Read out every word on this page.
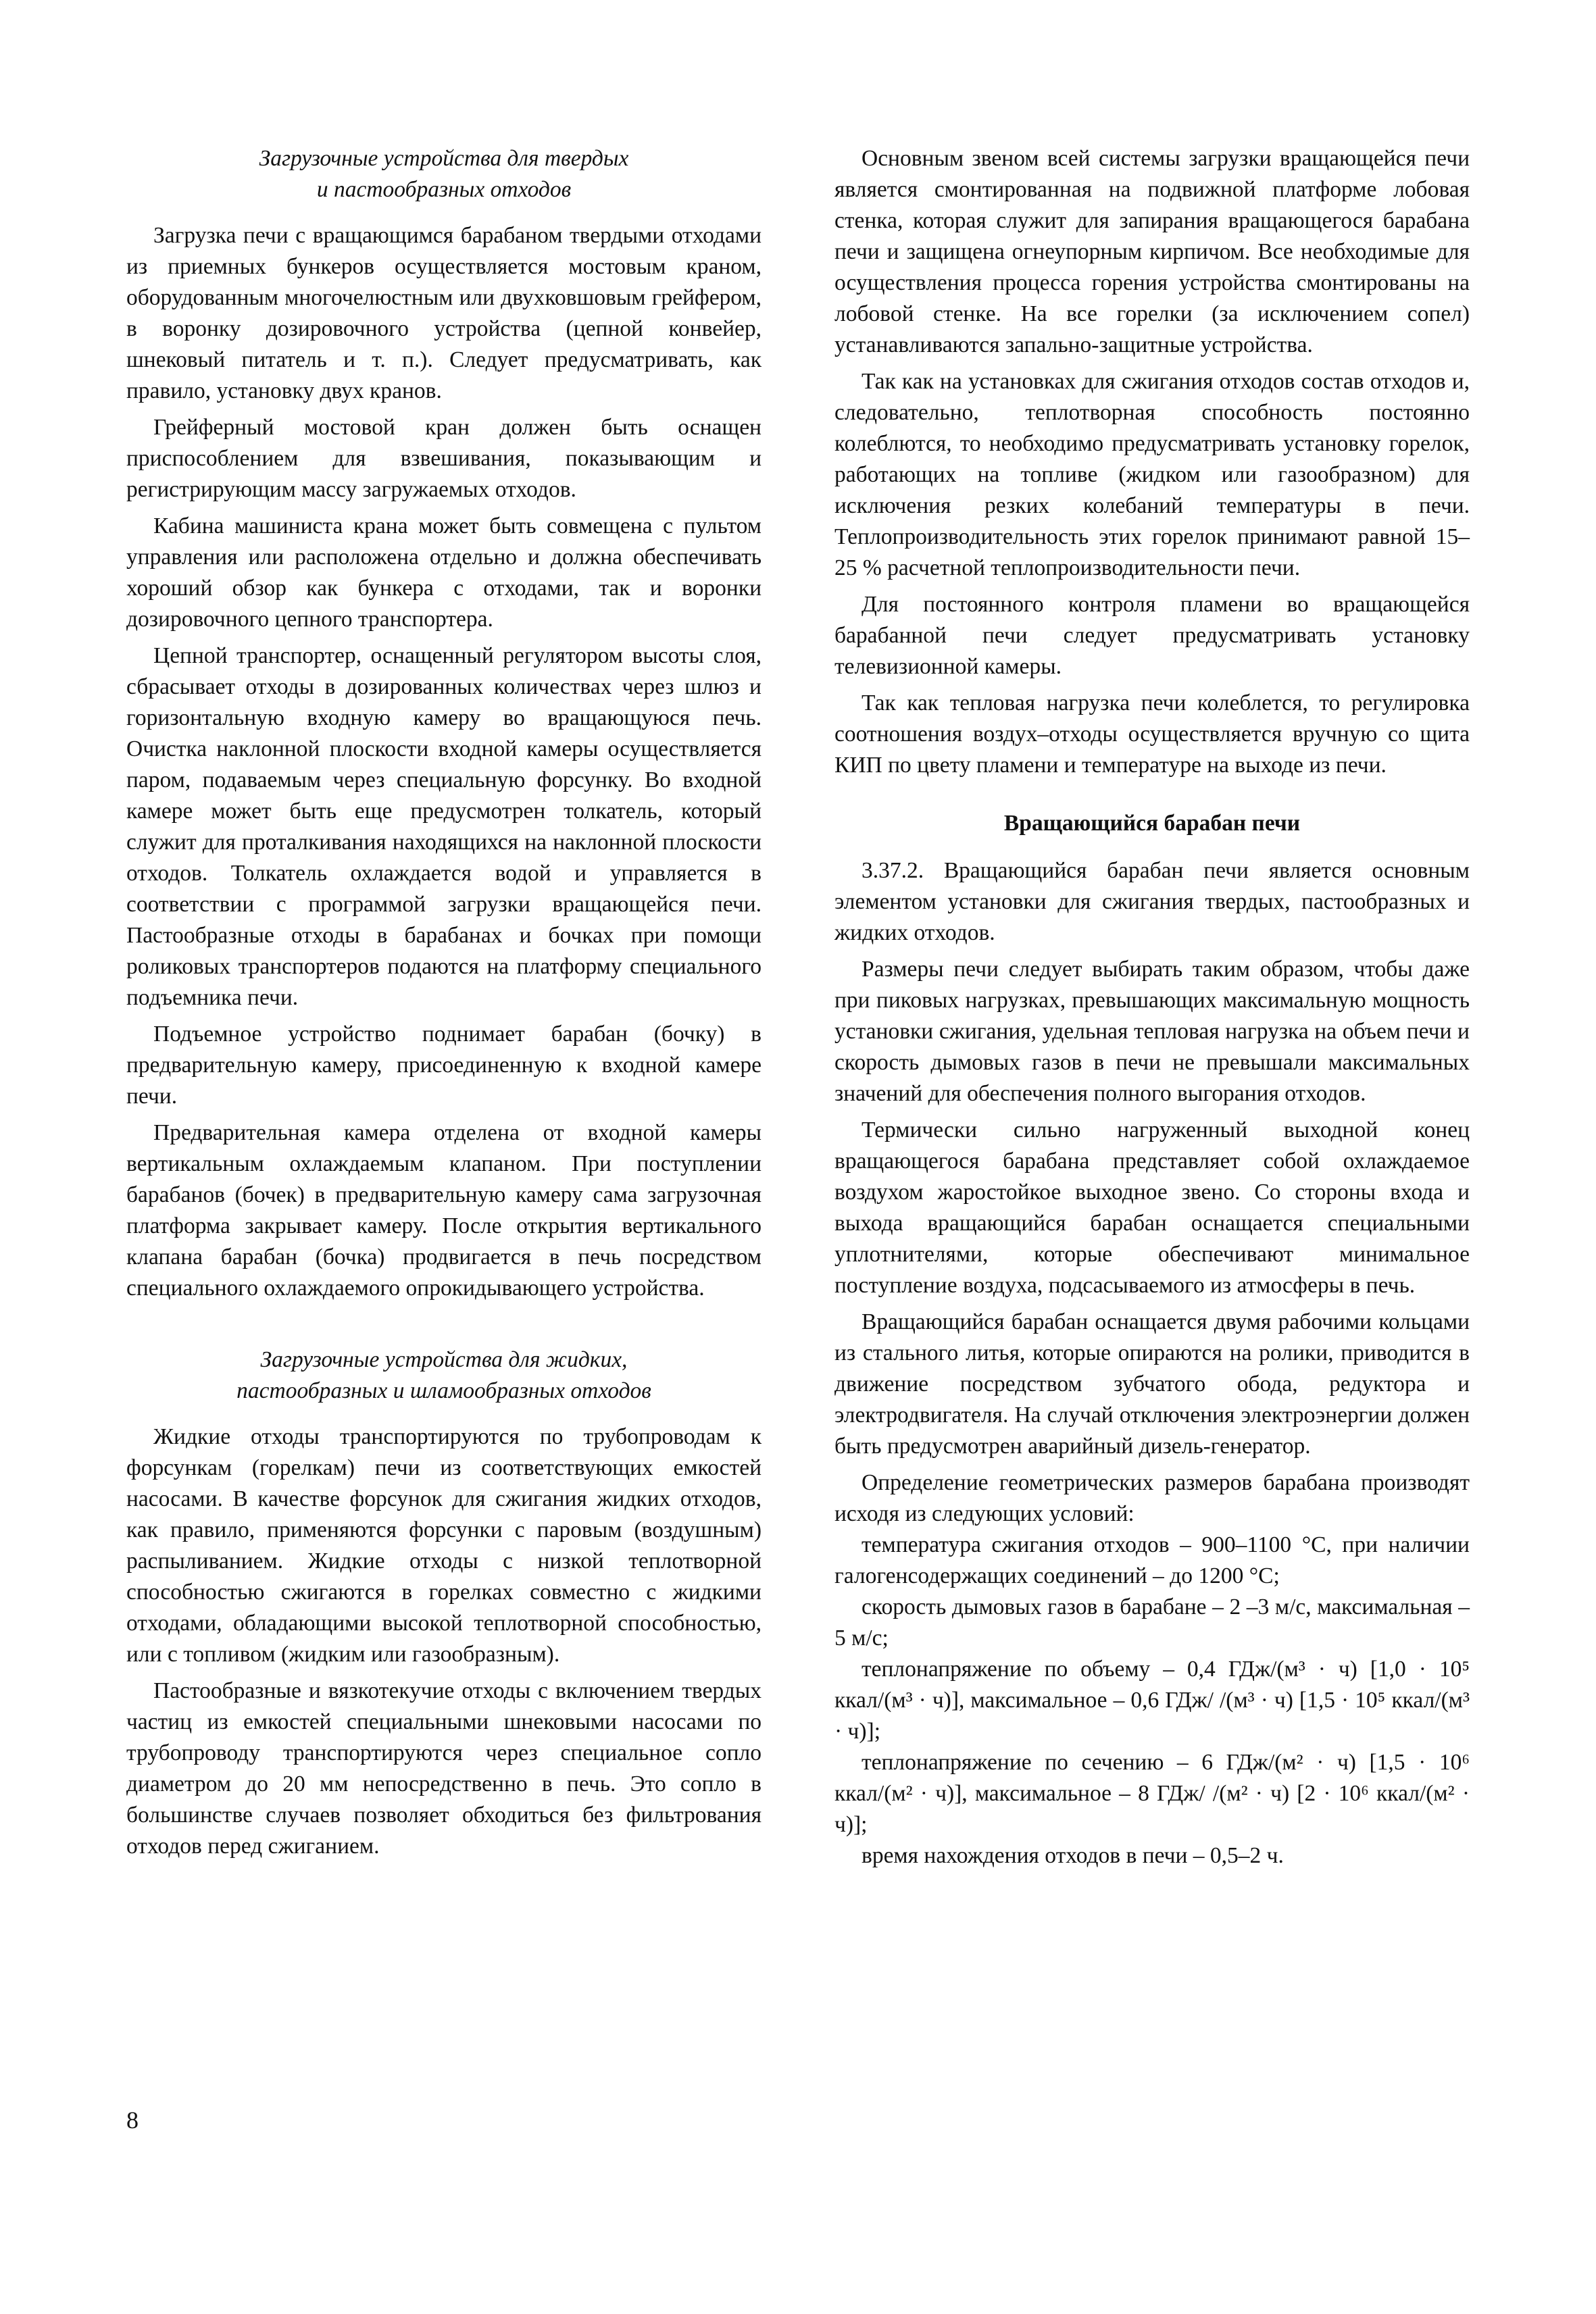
Загрузочные устройства для твердых
и пастообразных отходов

Загрузка печи с вращающимся барабаном твердыми отходами из приемных бункеров осуществляется мостовым краном, оборудованным многочелюстным или двухковшовым грейфером, в воронку дозировочного устройства (цепной конвейер, шнековый питатель и т. п.). Следует предусматривать, как правило, установку двух кранов.

Грейферный мостовой кран должен быть оснащен приспособлением для взвешивания, показывающим и регистрирующим массу загружаемых отходов.

Кабина машиниста крана может быть совмещена с пультом управления или расположена отдельно и должна обеспечивать хороший обзор как бункера с отходами, так и воронки дозировочного цепного транспортера.

Цепной транспортер, оснащенный регулятором высоты слоя, сбрасывает отходы в дозированных количествах через шлюз и горизонтальную входную камеру во вращающуюся печь. Очистка наклонной плоскости входной камеры осуществляется паром, подаваемым через специальную форсунку. Во входной камере может быть еще предусмотрен толкатель, который служит для проталкивания находящихся на наклонной плоскости отходов. Толкатель охлаждается водой и управляется в соответствии с программой загрузки вращающейся печи. Пастообразные отходы в барабанах и бочках при помощи роликовых транспортеров подаются на платформу специального подъемника печи.

Подъемное устройство поднимает барабан (бочку) в предварительную камеру, присоединенную к входной камере печи.

Предварительная камера отделена от входной камеры вертикальным охлаждаемым клапаном. При поступлении барабанов (бочек) в предварительную камеру сама загрузочная платформа закрывает камеру. После открытия вертикального клапана барабан (бочка) продвигается в печь посредством специального охлаждаемого опрокидывающего устройства.

Загрузочные устройства для жидких,
пастообразных и шламообразных отходов

Жидкие отходы транспортируются по трубопроводам к форсункам (горелкам) печи из соответствующих емкостей насосами. В качестве форсунок для сжигания жидких отходов, как правило, применяются форсунки с паровым (воздушным) распыливанием. Жидкие отходы с низкой теплотворной способностью сжигаются в горелках совместно с жидкими отходами, обладающими высокой теплотворной способностью, или с топливом (жидким или газообразным).

Пастообразные и вязкотекучие отходы с включением твердых частиц из емкостей специальными шнековыми насосами по трубопроводу транспортируются через специальное сопло диаметром до 20 мм непосредственно в печь. Это сопло в большинстве случаев позволяет обходиться без фильтрования отходов перед сжиганием.

Основным звеном всей системы загрузки вращающейся печи является смонтированная на подвижной платформе лобовая стенка, которая служит для запирания вращающегося барабана печи и защищена огнеупорным кирпичом. Все необходимые для осуществления процесса горения устройства смонтированы на лобовой стенке. На все горелки (за исключением сопел) устанавливаются запально-защитные устройства.

Так как на установках для сжигания отходов состав отходов и, следовательно, теплотворная способность постоянно колеблются, то необходимо предусматривать установку горелок, работающих на топливе (жидком или газообразном) для исключения резких колебаний температуры в печи. Теплопроизводительность этих горелок принимают равной 15–25 % расчетной теплопроизводительности печи.

Для постоянного контроля пламени во вращающейся барабанной печи следует предусматривать установку телевизионной камеры.

Так как тепловая нагрузка печи колеблется, то регулировка соотношения воздух–отходы осуществляется вручную со щита КИП по цвету пламени и температуре на выходе из печи.

Вращающийся барабан печи

3.37.2. Вращающийся барабан печи является основным элементом установки для сжигания твердых, пастообразных и жидких отходов.

Размеры печи следует выбирать таким образом, чтобы даже при пиковых нагрузках, превышающих максимальную мощность установки сжигания, удельная тепловая нагрузка на объем печи и скорость дымовых газов в печи не превышали максимальных значений для обеспечения полного выгорания отходов.

Термически сильно нагруженный выходной конец вращающегося барабана представляет собой охлаждаемое воздухом жаростойкое выходное звено. Со стороны входа и выхода вращающийся барабан оснащается специальными уплотнителями, которые обеспечивают минимальное поступление воздуха, подсасываемого из атмосферы в печь.

Вращающийся барабан оснащается двумя рабочими кольцами из стального литья, которые опираются на ролики, приводится в движение посредством зубчатого обода, редуктора и электродвигателя. На случай отключения электроэнергии должен быть предусмотрен аварийный дизель-генератор.

Определение геометрических размеров барабана производят исходя из следующих условий:

температура сжигания отходов – 900–1100 °С, при наличии галогенсодержащих соединений – до 1200 °С;

скорость дымовых газов в барабане – 2 –3 м/с, максимальная – 5 м/с;

теплонапряжение по объему – 0,4 ГДж/(м³ · ч) [1,0 · 10⁵ ккал/(м³ · ч)], максимальное – 0,6 ГДж/ /(м³ · ч) [1,5 · 10⁵ ккал/(м³ · ч)];

теплонапряжение по сечению – 6 ГДж/(м² · ч) [1,5 · 10⁶ ккал/(м² · ч)], максимальное – 8 ГДж/ /(м² · ч) [2 · 10⁶ ккал/(м² · ч)];

время нахождения отходов в печи – 0,5–2 ч.

8
